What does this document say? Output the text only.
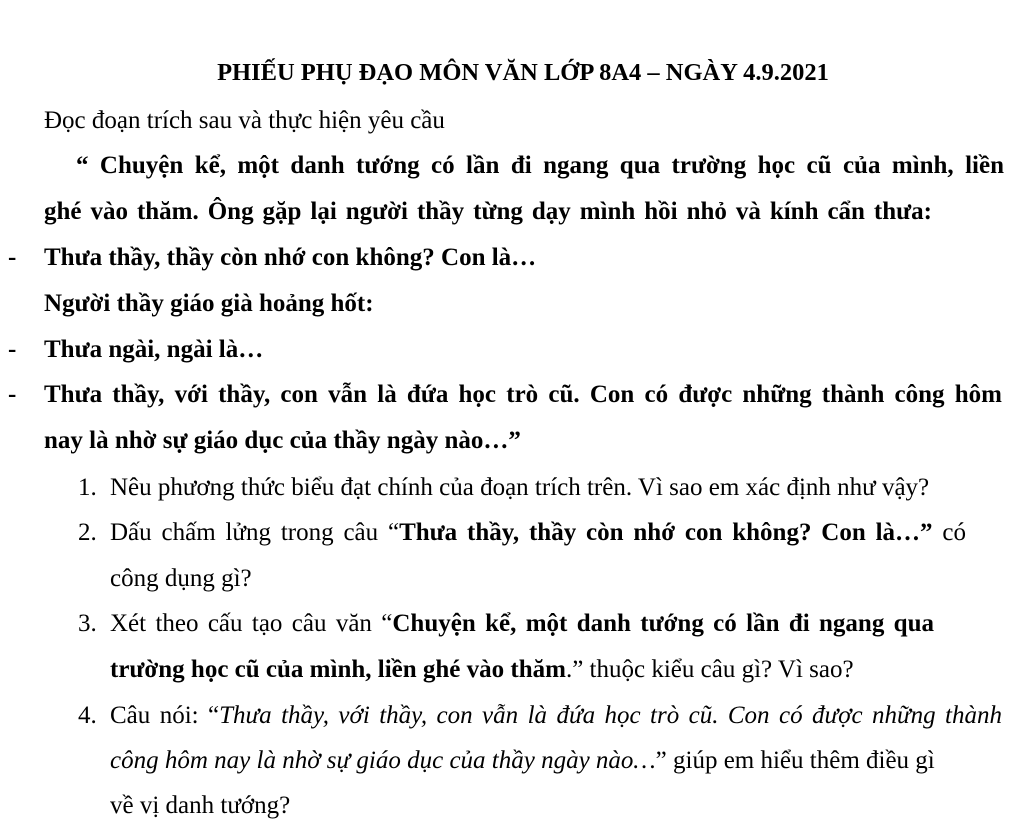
PHIẾU PHỤ ĐẠO MÔN VĂN LỚP 8A4 – NGÀY 4.9.2021
Đọc đoạn trích sau và thực hiện yêu cầu
“ Chuyện kể, một danh tướng có lần đi ngang qua trường học cũ của mình, liền
ghé vào thăm. Ông gặp lại người thầy từng dạy mình hồi nhỏ và kính cẩn thưa:
- Thưa thầy, thầy còn nhớ con không? Con là…
Người thầy giáo già hoảng hốt:
- Thưa ngài, ngài là…
- Thưa thầy, với thầy, con vẫn là đứa học trò cũ. Con có được những thành công hôm
nay là nhờ sự giáo dục của thầy ngày nào…”
1. Nêu phương thức biểu đạt chính của đoạn trích trên. Vì sao em xác định như vậy?
2. Dấu chấm lửng trong câu “Thưa thầy, thầy còn nhớ con không? Con là…” có
công dụng gì?
3. Xét theo cấu tạo câu văn “Chuyện kể, một danh tướng có lần đi ngang qua
trường học cũ của mình, liền ghé vào thăm.” thuộc kiểu câu gì? Vì sao?
4. Câu nói: “Thưa thầy, với thầy, con vẫn là đứa học trò cũ. Con có được những thành
công hôm nay là nhờ sự giáo dục của thầy ngày nào…” giúp em hiểu thêm điều gì
về vị danh tướng?
